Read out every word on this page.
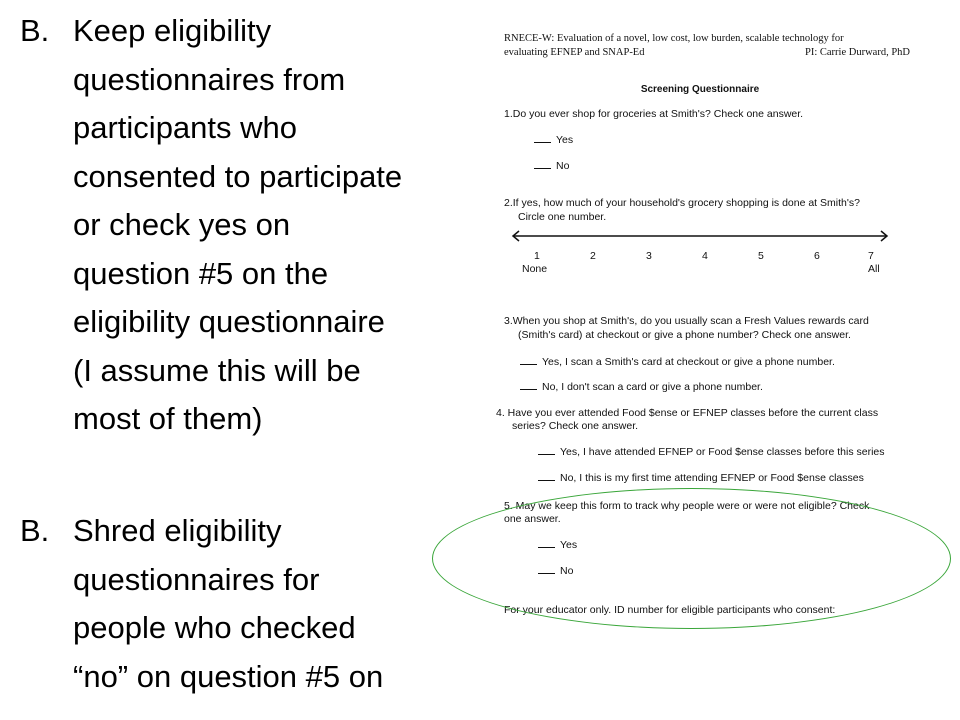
B. Keep eligibility
questionnaires from
participants who
consented to participate
or check yes on
question #5 on the
eligibility questionnaire
(I assume this will be
most of them)
B. Shred eligibility
questionnaires for
people who checked
“no” on question #5 on
RNECE-W: Evaluation of a novel, low cost, low burden, scalable technology for
evaluating EFNEP and SNAP-Ed	PI: Carrie Durward, PhD
Screening Questionnaire
1.Do you ever shop for groceries at Smith's? Check one answer.
Yes
No
2.If yes, how much of your household's grocery shopping is done at Smith's?
Circle one number.
1	2	3	4	5	6	7
None	All
3.When you shop at Smith's, do you usually scan a Fresh Values rewards card
(Smith's card) at checkout or give a phone number? Check one answer.
Yes, I scan a Smith's card at checkout or give a phone number.
No, I don't scan a card or give a phone number.
4. Have you ever attended Food $ense or EFNEP classes before the current class
series? Check one answer.
Yes, I have attended EFNEP or Food $ense classes before this series
No, I this is my first time attending EFNEP or Food $ense classes
5. May we keep this form to track why people were or were not eligible? Check
one answer.
Yes
No
For your educator only. ID number for eligible participants who consent:
